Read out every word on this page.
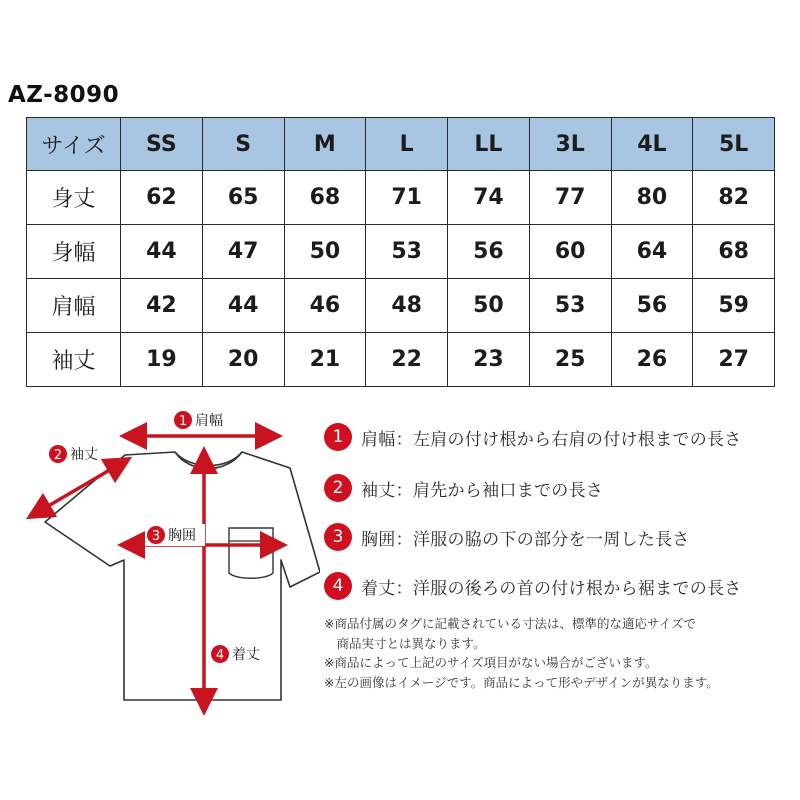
AZ-8090
サイズ	SS	S	M	L	LL	3L	4L	5L
身丈	62	65	68	71	74	77	80	82
身幅	44	47	50	53	56	60	64	68
肩幅	42	44	46	48	50	53	56	59
袖丈	19	20	21	22	23	25	26	27
1 肩幅
2 袖丈
3 胸囲
4 着丈
1	肩幅：左肩の付け根から右肩の付け根までの長さ
2	袖丈：肩先から袖口までの長さ
3	胸囲：洋服の脇の下の部分を一周した長さ
4	着丈：洋服の後ろの首の付け根から裾までの長さ
※商品付属のタグに記載されている寸法は、標準的な適応サイズで
　商品実寸とは異なります。
※商品によって上記のサイズ項目がない場合がございます。
※左の画像はイメージです。商品によって形やデザインが異なります。
